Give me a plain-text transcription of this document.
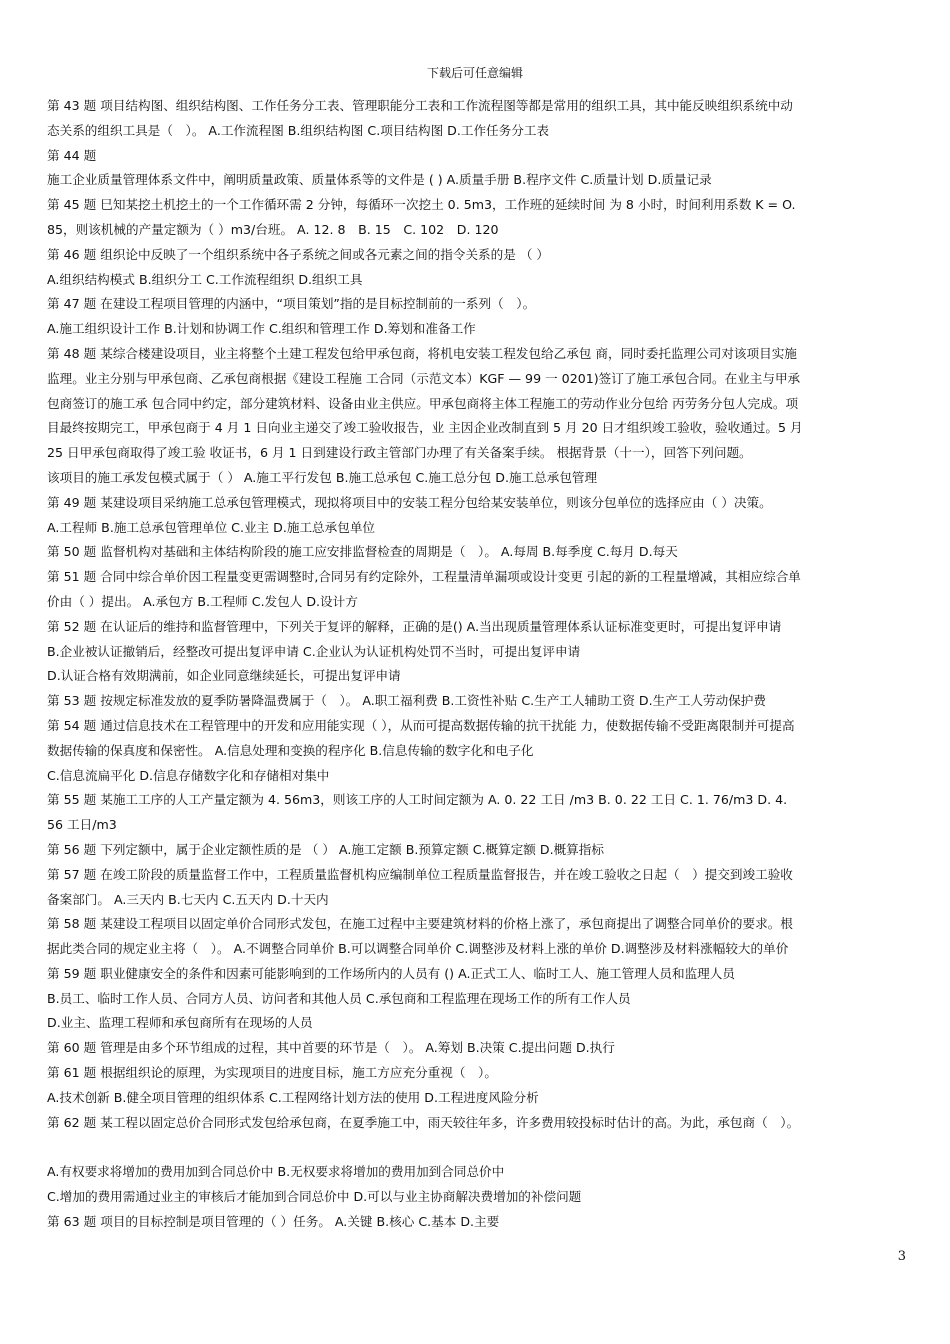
下载后可任意编辑
第 43 题 项目结构图、组织结构图、工作任务分工表、管理职能分工表和工作流程图等都是常用的组织工具，其中能反映组织系统中动
态关系的组织工具是（　）。 A.工作流程图 B.组织结构图 C.项目结构图 D.工作任务分工表
第 44 题
施工企业质量管理体系文件中，阐明质量政策、质量体系等的文件是 ( ) A.质量手册 B.程序文件 C.质量计划 D.质量记录
第 45 题 巳知某挖土机挖土的一个工作循环需 2 分钟，每循环一次挖土 0. 5m3，工作班的延续时间 为 8 小时，时间利用系数 K = O.
85，则该机械的产量定额为（ ）m3/台班。 A. 12. 8　B. 15　C. 102　D. 120
第 46 题 组织论中反映了一个组织系统中各子系统之间或各元素之间的指令关系的是 （ ）
A.组织结构模式 B.组织分工 C.工作流程组织 D.组织工具
第 47 题 在建设工程项目管理的内涵中，“项目策划”指的是目标控制前的一系列（　）。
A.施工组织设计工作 B.计划和协调工作 C.组织和管理工作 D.筹划和准备工作
第 48 题 某综合楼建设项目，业主将整个土建工程发包给甲承包商，将机电安装工程发包给乙承包 商，同时委托监理公司对该项目实施
监理。业主分别与甲承包商、乙承包商根据《建设工程施 工合同（示范文本）KGF — 99 一 0201)签订了施工承包合同。在业主与甲承
包商签订的施工承 包合同中约定，部分建筑材料、设备由业主供应。甲承包商将主体工程施工的劳动作业分包给 丙劳务分包人完成。项
目最终按期完工，甲承包商于 4 月 1 日向业主递交了竣工验收报告，业 主因企业改制直到 5 月 20 日才组织竣工验收，验收通过。5 月
25 日甲承包商取得了竣工验 收证书，6 月 1 日到建设行政主管部门办理了有关备案手续。 根据背景（十一），回答下列问题。
该项目的施工承发包模式属于（ ） A.施工平行发包 B.施工总承包 C.施工总分包 D.施工总承包管理
第 49 题 某建设项目采纳施工总承包管理模式，现拟将项目中的安装工程分包给某安装单位，则该分包单位的选择应由（ ）决策。
A.工程师 B.施工总承包管理单位 C.业主 D.施工总承包单位
第 50 题 监督机构对基础和主体结构阶段的施工应安排监督检查的周期是（　）。 A.每周 B.每季度 C.每月 D.每天
第 51 题 合同中综合单价因工程量变更需调整时,合同另有约定除外，工程量清单漏项或设计变更 引起的新的工程量增减，其相应综合单
价由（ ）提出。 A.承包方 B.工程师 C.发包人 D.设计方
第 52 题 在认证后的维持和监督管理中，下列关于复评的解释，正确的是() A.当出现质量管理体系认证标准变更时，可提出复评申请
B.企业被认证撤销后，经整改可提出复评申请 C.企业认为认证机构处罚不当时，可提出复评申请
D.认证合格有效期满前，如企业同意继续延长，可提出复评申请
第 53 题 按规定标准发放的夏季防暑降温费属于（　）。 A.职工福利费 B.工资性补贴 C.生产工人辅助工资 D.生产工人劳动保护费
第 54 题 通过信息技术在工程管理中的开发和应用能实现（ ），从而可提高数据传输的抗干扰能 力，使数据传输不受距离限制并可提高
数据传输的保真度和保密性。 A.信息处理和变换的程序化 B.信息传输的数字化和电子化
C.信息流扁平化 D.信息存储数字化和存储相对集中
第 55 题 某施工工序的人工产量定额为 4. 56m3，则该工序的人工时间定额为 A. 0. 22 工日 /m3 B. 0. 22 工日 C. 1. 76/m3 D. 4.
56 工日/m3
第 56 题 下列定额中，属于企业定额性质的是 （ ） A.施工定额 B.预算定额 C.概算定额 D.概算指标
第 57 题 在竣工阶段的质量监督工作中，工程质量监督机构应编制单位工程质量监督报告，并在竣工验收之日起（　）提交到竣工验收
备案部门。 A.三天内 B.七天内 C.五天内 D.十天内
第 58 题 某建设工程项目以固定单价合同形式发包，在施工过程中主要建筑材料的价格上涨了，承包商提出了调整合同单价的要求。根
据此类合同的规定业主将（　）。 A.不调整合同单价 B.可以调整合同单价 C.调整涉及材料上涨的单价 D.调整涉及材料涨幅较大的单价
第 59 题 职业健康安全的条件和因素可能影响到的工作场所内的人员有 () A.正式工人、临时工人、施工管理人员和监理人员
B.员工、临时工作人员、合同方人员、访问者和其他人员 C.承包商和工程监理在现场工作的所有工作人员
D.业主、监理工程师和承包商所有在现场的人员
第 60 题 管理是由多个环节组成的过程，其中首要的环节是（　）。 A.筹划 B.决策 C.提出问题 D.执行
第 61 题 根据组织论的原理，为实现项目的进度目标，施工方应充分重视（　）。
A.技术创新 B.健全项目管理的组织体系 C.工程网络计划方法的使用 D.工程进度风险分析
第 62 题 某工程以固定总价合同形式发包给承包商，在夏季施工中，雨天较往年多，许多费用较投标时估计的高。为此，承包商（　）。
A.有权要求将增加的费用加到合同总价中 B.无权要求将增加的费用加到合同总价中
C.增加的费用需通过业主的审核后才能加到合同总价中 D.可以与业主协商解决费增加的补偿问题
第 63 题 项目的目标控制是项目管理的（ ）任务。 A.关键 B.核心 C.基本 D.主要
3
